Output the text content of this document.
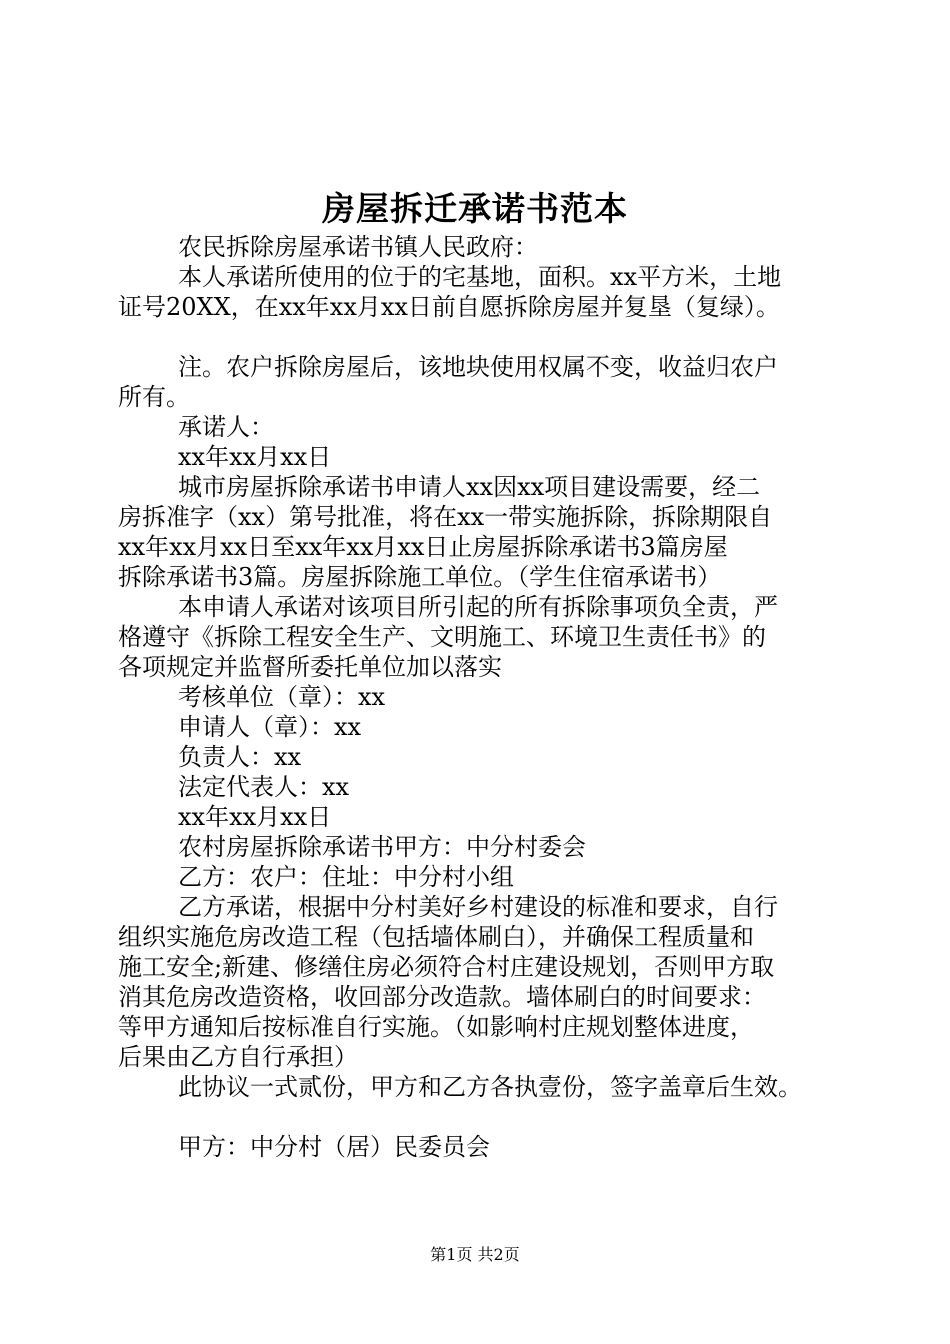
房屋拆迁承诺书范本
农民拆除房屋承诺书镇人民政府：
本人承诺所使用的位于的宅基地，面积。xx平方米，土地
证号20XX，在xx年xx月xx日前自愿拆除房屋并复垦（复绿）。
注。农户拆除房屋后，该地块使用权属不变，收益归农户
所有。
承诺人：
xx年xx月xx日
城市房屋拆除承诺书申请人xx因xx项目建设需要，经二
房拆准字（xx）第号批准，将在xx一带实施拆除，拆除期限自
xx年xx月xx日至xx年xx月xx日止房屋拆除承诺书3篇房屋
拆除承诺书3篇。房屋拆除施工单位。（学生住宿承诺书）
本申请人承诺对该项目所引起的所有拆除事项负全责，严
格遵守《拆除工程安全生产、文明施工、环境卫生责任书》的
各项规定并监督所委托单位加以落实
考核单位（章）：xx
申请人（章）：xx
负责人：xx
法定代表人：xx
xx年xx月xx日
农村房屋拆除承诺书甲方：中分村委会
乙方：农户：住址：中分村小组
乙方承诺，根据中分村美好乡村建设的标准和要求，自行
组织实施危房改造工程（包括墙体刷白），并确保工程质量和
施工安全;新建、修缮住房必须符合村庄建设规划，否则甲方取
消其危房改造资格，收回部分改造款。墙体刷白的时间要求：
等甲方通知后按标准自行实施。（如影响村庄规划整体进度，
后果由乙方自行承担）
此协议一式贰份，甲方和乙方各执壹份，签字盖章后生效。
甲方：中分村（居）民委员会
第1页 共2页
